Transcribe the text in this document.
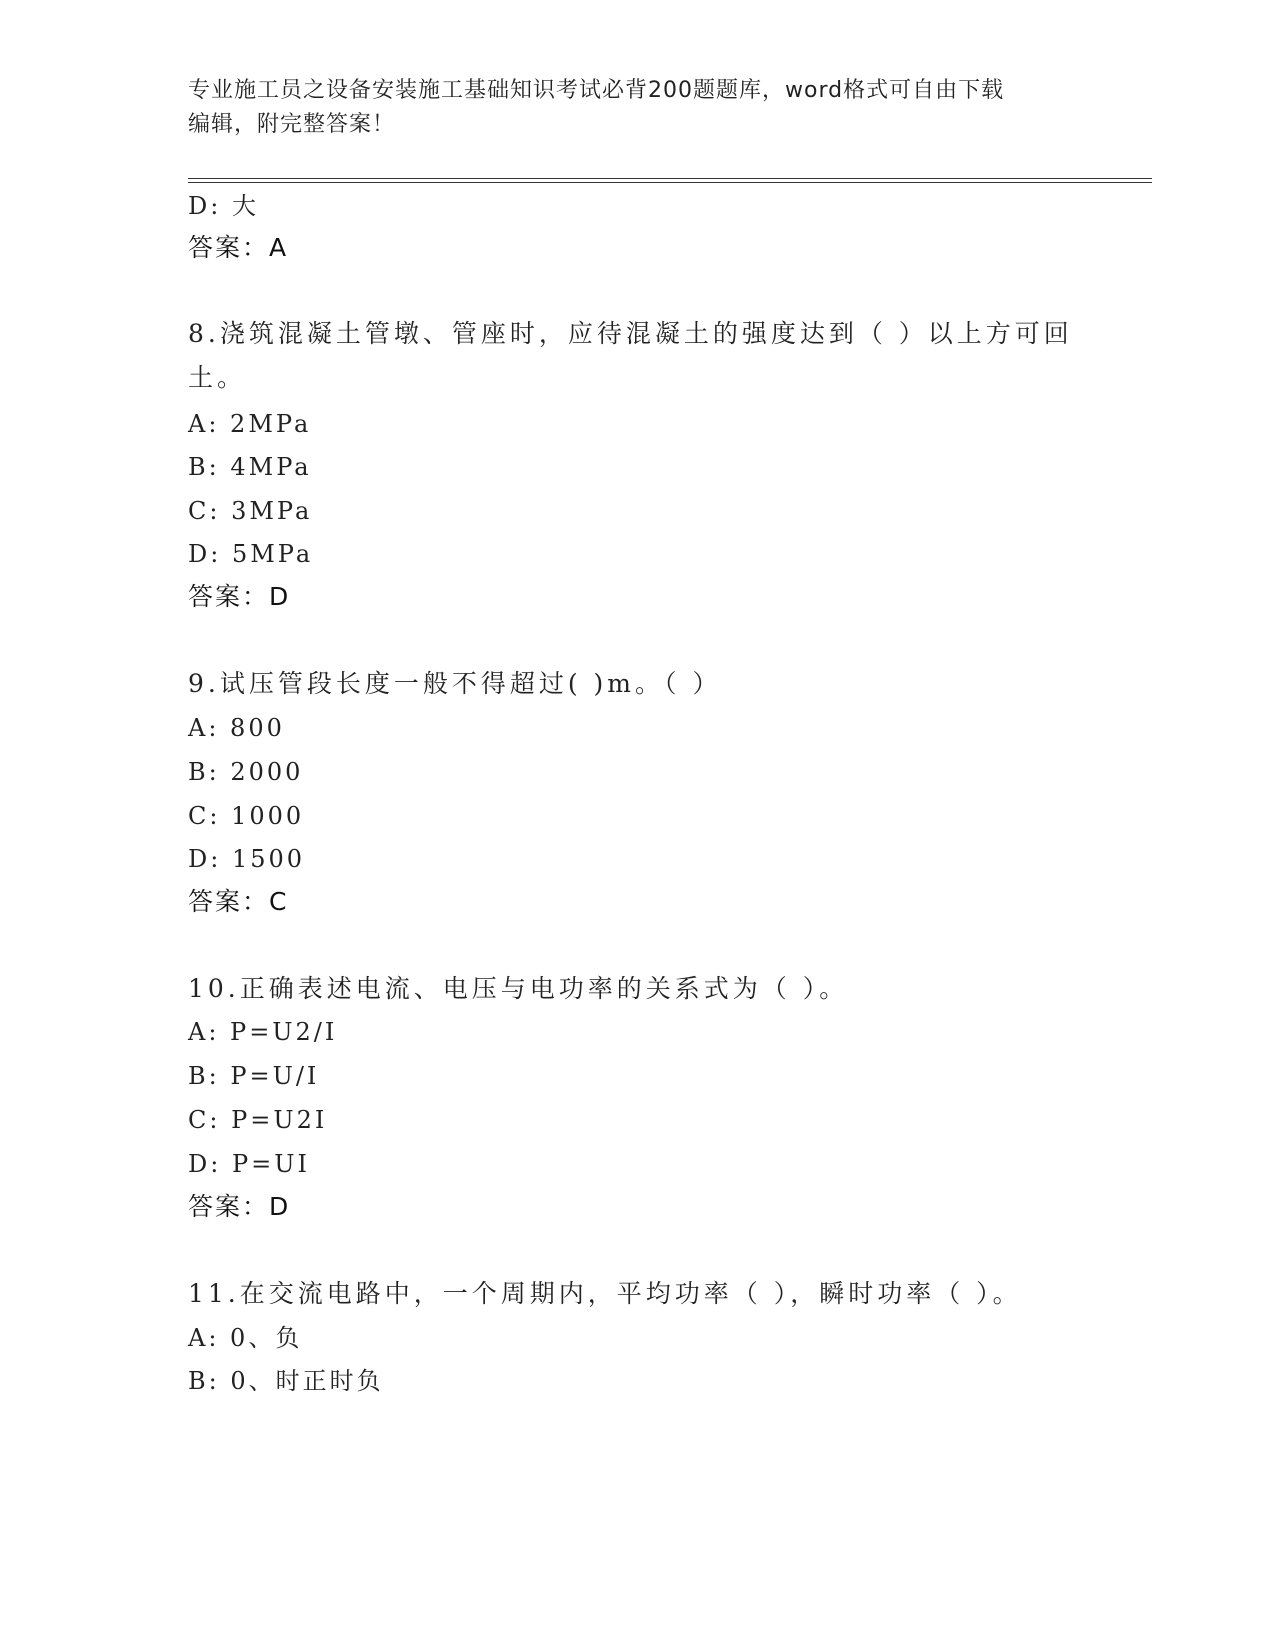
专业施工员之设备安装施工基础知识考试必背200题题库，word格式可自由下载
编辑，附完整答案！
D: 大
答案：A
8.浇筑混凝土管墩、管座时，应待混凝土的强度达到（ ）以上方可回
土。
A: 2MPa
B: 4MPa
C: 3MPa
D: 5MPa
答案：D
9.试压管段长度一般不得超过( )m。（ ）
A: 800
B: 2000
C: 1000
D: 1500
答案：C
10.正确表述电流、电压与电功率的关系式为（ ）。
A: P=U2/I
B: P=U/I
C: P=U2I
D: P=UI
答案：D
11.在交流电路中，一个周期内，平均功率（ ），瞬时功率（ ）。
A: 0、负
B: 0、时正时负
